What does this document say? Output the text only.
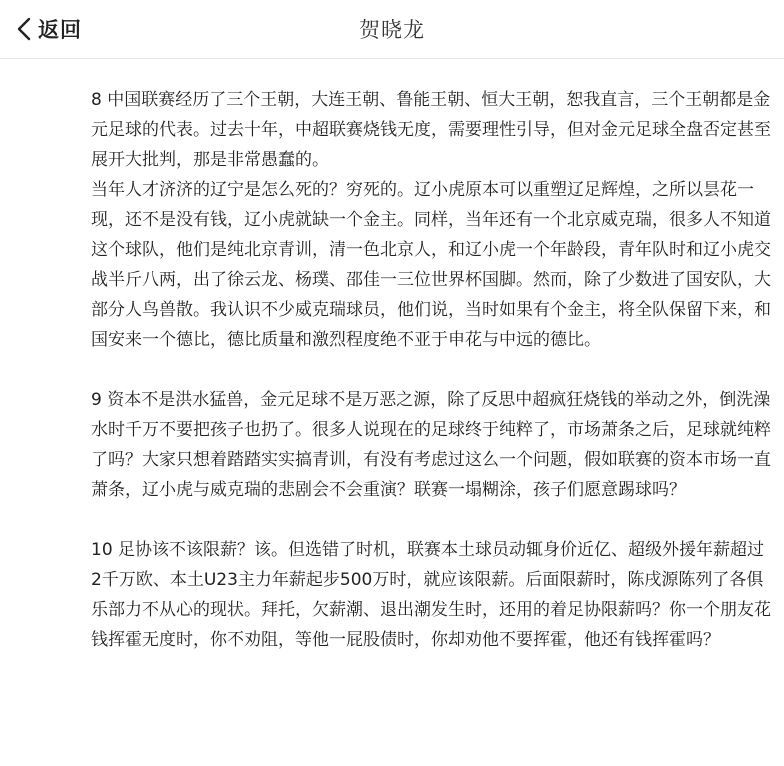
返回	贺晓龙

8 中国联赛经历了三个王朝，大连王朝、鲁能王朝、恒大王朝，恕我直言，三个王朝都是金元足球的代表。过去十年，中超联赛烧钱无度，需要理性引导，但对金元足球全盘否定甚至展开大批判，那是非常愚蠢的。

当年人才济济的辽宁是怎么死的？穷死的。辽小虎原本可以重塑辽足辉煌，之所以昙花一现，还不是没有钱，辽小虎就缺一个金主。同样，当年还有一个北京威克瑞，很多人不知道这个球队，他们是纯北京青训，清一色北京人，和辽小虎一个年龄段，青年队时和辽小虎交战半斤八两，出了徐云龙、杨璞、邵佳一三位世界杯国脚。然而，除了少数进了国安队，大部分人鸟兽散。我认识不少威克瑞球员，他们说，当时如果有个金主，将全队保留下来，和国安来一个德比，德比质量和激烈程度绝不亚于申花与中远的德比。

9 资本不是洪水猛兽，金元足球不是万恶之源，除了反思中超疯狂烧钱的举动之外，倒洗澡水时千万不要把孩子也扔了。很多人说现在的足球终于纯粹了，市场萧条之后，足球就纯粹了吗？大家只想着踏踏实实搞青训，有没有考虑过这么一个问题，假如联赛的资本市场一直萧条，辽小虎与威克瑞的悲剧会不会重演？联赛一塌糊涂，孩子们愿意踢球吗？

10 足协该不该限薪？该。但选错了时机，联赛本土球员动辄身价近亿、超级外援年薪超过2千万欧、本土U23主力年薪起步500万时，就应该限薪。后面限薪时，陈戌源陈列了各俱乐部力不从心的现状。拜托，欠薪潮、退出潮发生时，还用的着足协限薪吗？你一个朋友花钱挥霍无度时，你不劝阻，等他一屁股债时，你却劝他不要挥霍，他还有钱挥霍吗？
